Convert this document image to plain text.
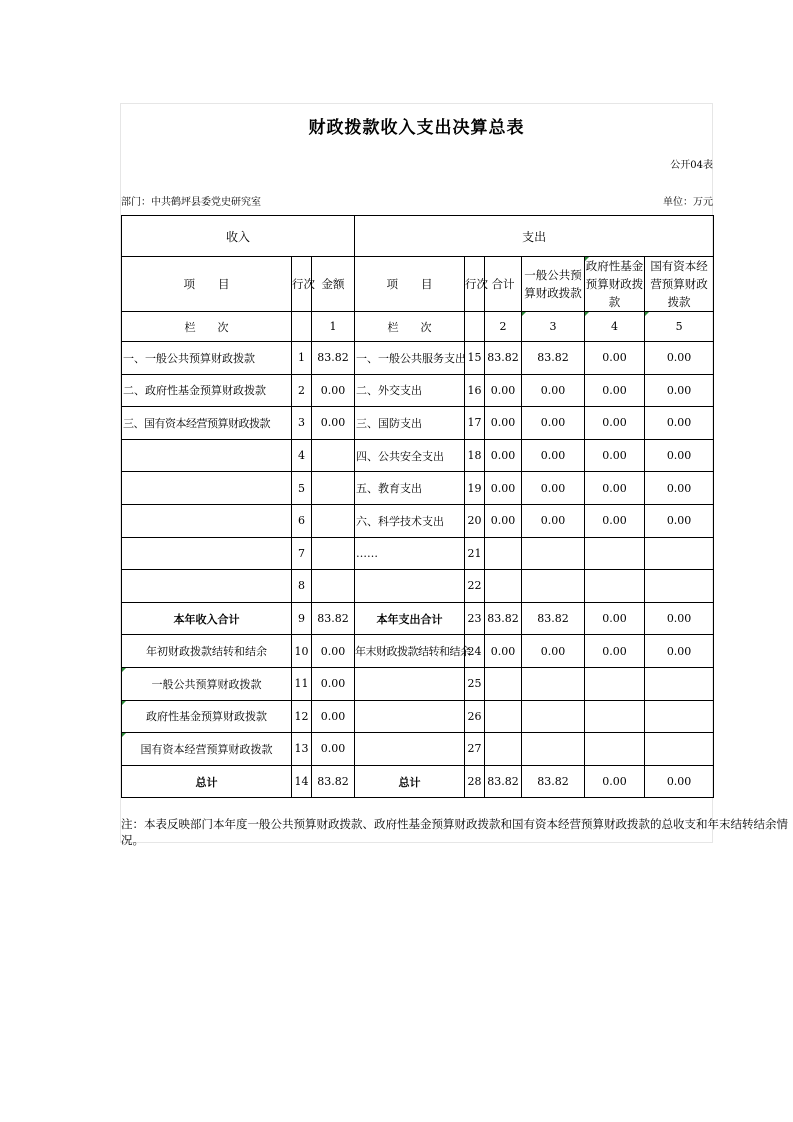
财政拨款收入支出决算总表
公开04表
部门：中共鹤坪县委党史研究室	单位：万元
收入			支出					
项　　目	行次	金额	项　　目	行次	合计	一般公共预算财政拨款	政府性基金预算财政拨款	国有资本经营预算财政拨款
栏　　次		1	栏　　次		2	3	4	5
一、一般公共预算财政拨款	1	83.82	一、一般公共服务支出	15	83.82	83.82	0.00	0.00
二、政府性基金预算财政拨款	2	0.00	二、外交支出	16	0.00	0.00	0.00	0.00
三、国有资本经营预算财政拨款	3	0.00	三、国防支出	17	0.00	0.00	0.00	0.00
	4		四、公共安全支出	18	0.00	0.00	0.00	0.00
	5		五、教育支出	19	0.00	0.00	0.00	0.00
	6		六、科学技术支出	20	0.00	0.00	0.00	0.00
	7		……	21				
	8			22				
本年收入合计	9	83.82	本年支出合计	23	83.82	83.82	0.00	0.00
年初财政拨款结转和结余	10	0.00	年末财政拨款结转和结余	24	0.00	0.00	0.00	0.00
一般公共预算财政拨款	11	0.00		25				
政府性基金预算财政拨款	12	0.00		26				
国有资本经营预算财政拨款	13	0.00		27				
总计	14	83.82	总计	28	83.82	83.82	0.00	0.00
注：本表反映部门本年度一般公共预算财政拨款、政府性基金预算财政拨款和国有资本经营预算财政拨款的总收支和年末结转结余情况。
